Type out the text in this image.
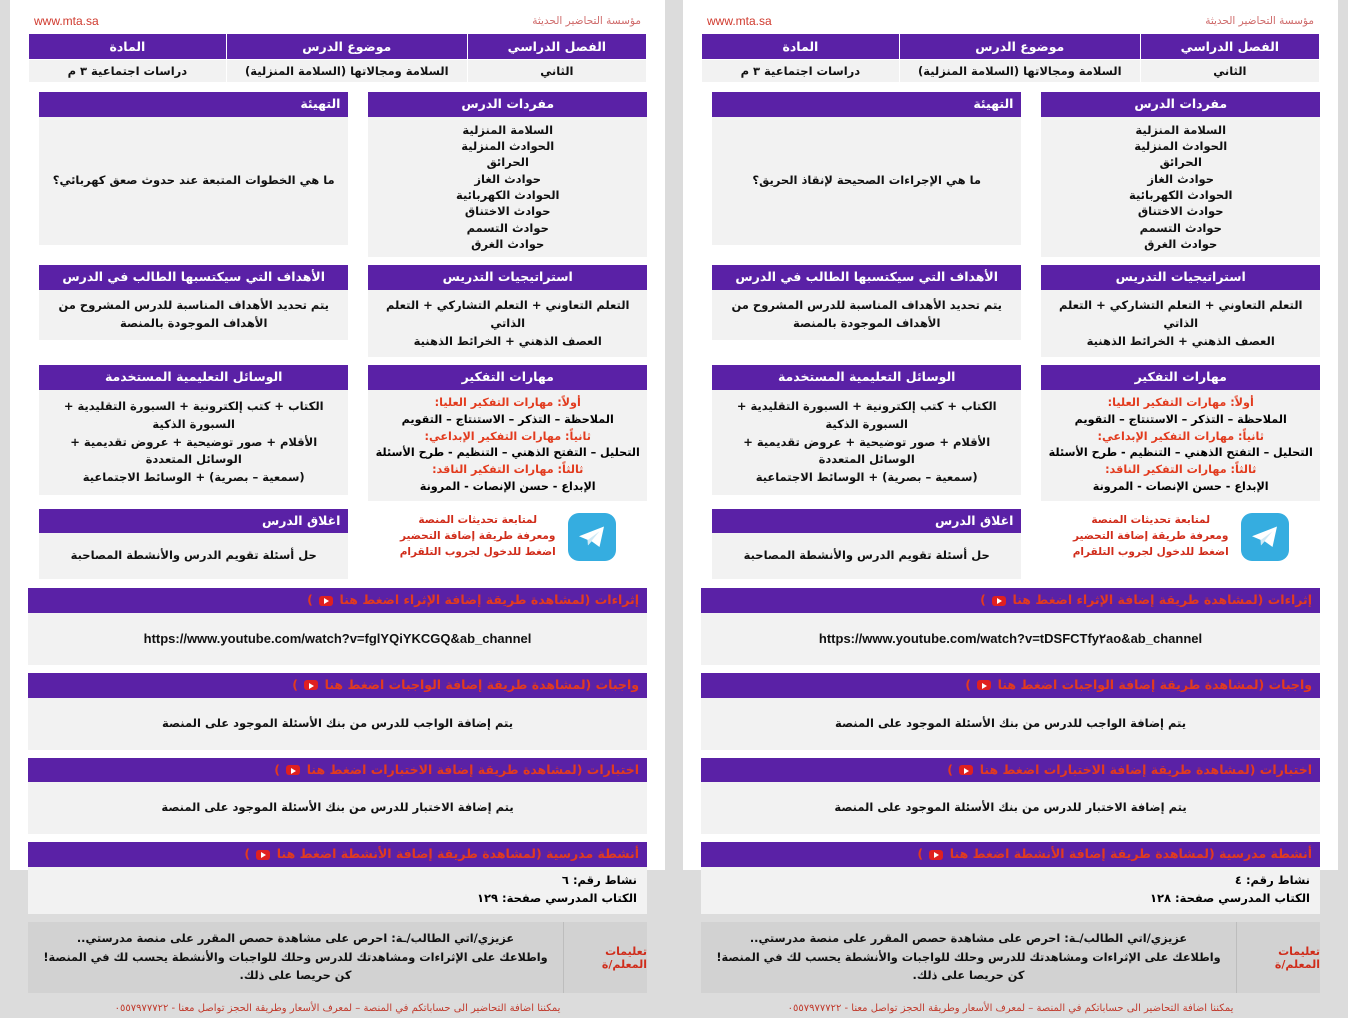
مؤسسة التحاضير الحديثة
www.mta.sa
الفصل الدراسي	موضوع الدرس	المادة
الثاني	السلامة ومجالاتها (السلامة المنزلية)	دراسات اجتماعية ٣ م
مفردات الدرس
السلامة المنزلية
الحوادث المنزلية
الحرائق
حوادث الغاز
الحوادث الكهربائية
حوادث الاختناق
حوادث التسمم
حوادث الغرق
التهيئة
ما هي الإجراءات الصحيحة لإنقاذ الحريق؟
استراتيجيات التدريس
التعلم التعاوني + التعلم التشاركي + التعلم الذاتي
العصف الذهني + الخرائط الذهنية
الأهداف التي سيكتسبها الطالب في الدرس
يتم تحديد الأهداف المناسبة للدرس المشروح من الأهداف الموجودة بالمنصة
مهارات التفكير
أولاً: مهارات التفكير العليا:
الملاحظة – التذكر – الاستنتاج – التقويم
ثانياً: مهارات التفكير الإبداعي:
التحليل – التفتح الذهني – التنظيم - طرح الأسئلة
ثالثاً: مهارات التفكير الناقد:
الإبداع - حسن الإنصات - المرونة
الوسائل التعليمية المستخدمة
الكتاب + كتب إلكترونية + السبورة التقليدية + السبورة الذكية
الأقلام + صور توضيحية + عروض تقديمية + الوسائل المتعددة
(سمعية – بصرية) + الوسائط الاجتماعية
لمتابعة تحديثات المنصة
ومعرفة طريقة إضافة التحضير
اضغط للدخول لجروب التلقرام
اغلاق الدرس
حل أسئلة تقويم الدرس والأنشطة المصاحبة
إثراءات (لمشاهدة طريقة إضافة الإثراء اضغط هنا  )
https://www.youtube.com/watch?v=tDSFCTfy٢ao&ab_channel
واجبات (لمشاهدة طريقة إضافة الواجبات اضغط هنا  )
يتم إضافة الواجب للدرس من بنك الأسئلة الموجود على المنصة
اختبارات (لمشاهدة طريقة إضافة الاختبارات اضغط هنا  )
يتم إضافة الاختبار للدرس من بنك الأسئلة الموجود على المنصة
أنشطة مدرسية (لمشاهدة طريقة إضافة الأنشطة اضغط هنا  )
نشاط رقم: ٤
الكتاب المدرسي صفحة: ١٢٨
تعليمات المعلم/ة
عزيزي/اتي الطالب/ـة: احرص على مشاهدة حصص المقرر على منصة مدرستي..
واطلاعك على الإثراءات ومشاهدتك للدرس وحلك للواجبات والأنشطة يحسب لك في المنصة! كن حريصا على ذلك.
يمكننا اضافة التحاضير الى حساباتكم في المنصة – لمعرف الأسعار وطريقة الحجز تواصل معنا - ٠٥٥٧٩٧٧٧٢٢
مؤسسة التحاضير الحديثة
www.mta.sa
الفصل الدراسي	موضوع الدرس	المادة
الثاني	السلامة ومجالاتها (السلامة المنزلية)	دراسات اجتماعية ٣ م
مفردات الدرس
السلامة المنزلية
الحوادث المنزلية
الحرائق
حوادث الغاز
الحوادث الكهربائية
حوادث الاختناق
حوادث التسمم
حوادث الغرق
التهيئة
ما هي الخطوات المتبعة عند حدوث صعق كهربائي؟
استراتيجيات التدريس
التعلم التعاوني + التعلم التشاركي + التعلم الذاتي
العصف الذهني + الخرائط الذهنية
الأهداف التي سيكتسبها الطالب في الدرس
يتم تحديد الأهداف المناسبة للدرس المشروح من الأهداف الموجودة بالمنصة
مهارات التفكير
أولاً: مهارات التفكير العليا:
الملاحظة – التذكر – الاستنتاج – التقويم
ثانياً: مهارات التفكير الإبداعي:
التحليل – التفتح الذهني – التنظيم - طرح الأسئلة
ثالثاً: مهارات التفكير الناقد:
الإبداع - حسن الإنصات - المرونة
الوسائل التعليمية المستخدمة
الكتاب + كتب إلكترونية + السبورة التقليدية + السبورة الذكية
الأقلام + صور توضيحية + عروض تقديمية + الوسائل المتعددة
(سمعية – بصرية) + الوسائط الاجتماعية
لمتابعة تحديثات المنصة
ومعرفة طريقة إضافة التحضير
اضغط للدخول لجروب التلقرام
اغلاق الدرس
حل أسئلة تقويم الدرس والأنشطة المصاحبة
إثراءات (لمشاهدة طريقة إضافة الإثراء اضغط هنا  )
https://www.youtube.com/watch?v=fglYQiYKCGQ&ab_channel
واجبات (لمشاهدة طريقة إضافة الواجبات اضغط هنا  )
يتم إضافة الواجب للدرس من بنك الأسئلة الموجود على المنصة
اختبارات (لمشاهدة طريقة إضافة الاختبارات اضغط هنا  )
يتم إضافة الاختبار للدرس من بنك الأسئلة الموجود على المنصة
أنشطة مدرسية (لمشاهدة طريقة إضافة الأنشطة اضغط هنا  )
نشاط رقم: ٦
الكتاب المدرسي صفحة: ١٢٩
تعليمات المعلم/ة
عزيزي/اتي الطالب/ـة: احرص على مشاهدة حصص المقرر على منصة مدرستي..
واطلاعك على الإثراءات ومشاهدتك للدرس وحلك للواجبات والأنشطة يحسب لك في المنصة! كن حريصا على ذلك.
يمكننا اضافة التحاضير الى حساباتكم في المنصة – لمعرف الأسعار وطريقة الحجز تواصل معنا - ٠٥٥٧٩٧٧٧٢٢
